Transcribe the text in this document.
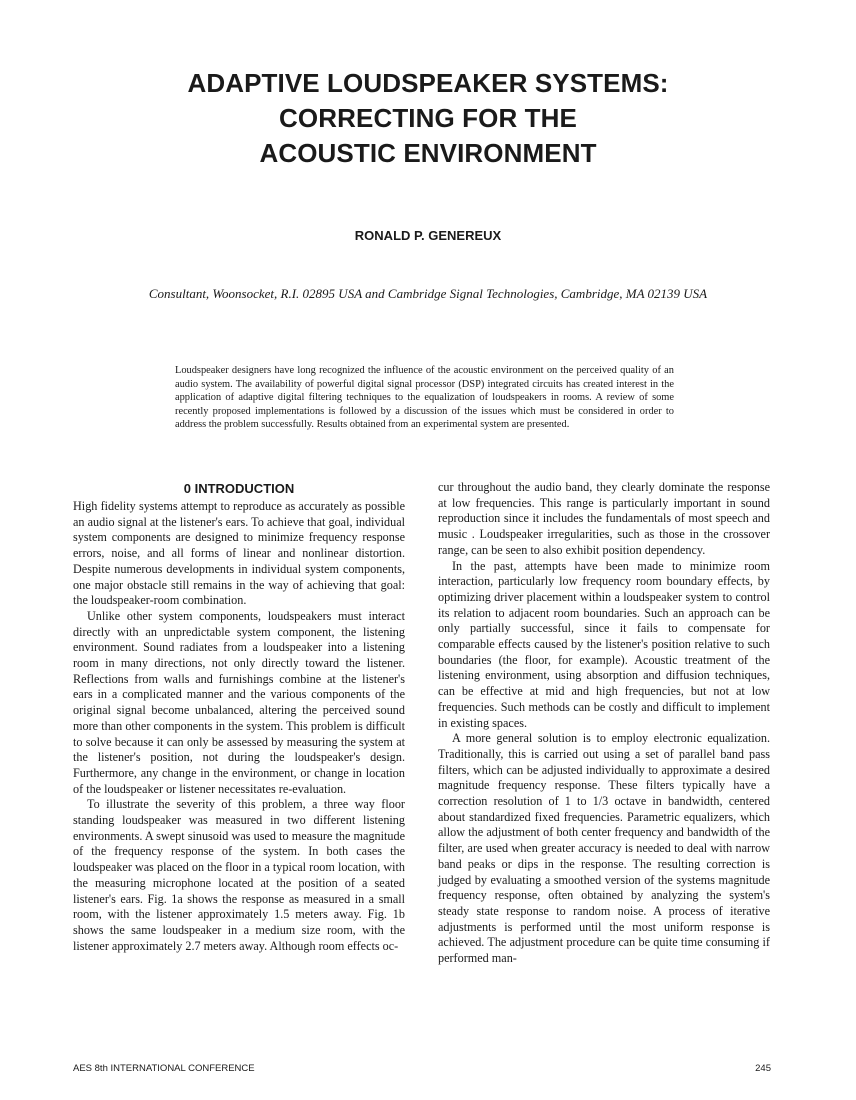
ADAPTIVE LOUDSPEAKER SYSTEMS:
CORRECTING FOR THE
ACOUSTIC ENVIRONMENT
RONALD P. GENEREUX
Consultant, Woonsocket, R.I. 02895 USA and Cambridge Signal Technologies, Cambridge, MA 02139 USA
Loudspeaker designers have long recognized the influence of the acoustic environment on the perceived quality of an audio system. The availability of powerful digital signal processor (DSP) integrated circuits has created interest in the application of adaptive digital filtering techniques to the equalization of loudspeakers in rooms. A review of some recently proposed implementations is followed by a discussion of the issues which must be considered in order to address the problem successfully. Results obtained from an experimental system are presented.
0 INTRODUCTION

High fidelity systems attempt to reproduce as accurately as possible an audio signal at the listener's ears. To achieve that goal, individual system components are designed to minimize frequency response errors, noise, and all forms of linear and nonlinear distortion. Despite numerous developments in individual system components, one major obstacle still remains in the way of achieving that goal: the loudspeaker-room combination.

Unlike other system components, loudspeakers must interact directly with an unpredictable system component, the listening environment. Sound radiates from a loudspeaker into a listening room in many directions, not only directly toward the listener. Reflections from walls and furnishings combine at the listener's ears in a complicated manner and the various components of the original signal become unbalanced, altering the perceived sound more than other components in the system. This problem is difficult to solve because it can only be assessed by measuring the system at the listener's position, not during the loudspeaker's design. Furthermore, any change in the environment, or change in location of the loudspeaker or listener necessitates re-evaluation.

To illustrate the severity of this problem, a three way floor standing loudspeaker was measured in two different listening environments. A swept sinusoid was used to measure the magnitude of the frequency response of the system. In both cases the loudspeaker was placed on the floor in a typical room location, with the measuring microphone located at the position of a seated listener's ears. Fig. 1a shows the response as measured in a small room, with the listener approximately 1.5 meters away. Fig. 1b shows the same loudspeaker in a medium size room, with the listener approximately 2.7 meters away. Although room effects oc-

cur throughout the audio band, they clearly dominate the response at low frequencies. This range is particularly important in sound reproduction since it includes the fundamentals of most speech and music . Loudspeaker irregularities, such as those in the crossover range, can be seen to also exhibit position dependency.

In the past, attempts have been made to minimize room interaction, particularly low frequency room boundary effects, by optimizing driver placement within a loudspeaker system to control its relation to adjacent room boundaries. Such an approach can be only partially successful, since it fails to compensate for comparable effects caused by the listener's position relative to such boundaries (the floor, for example). Acoustic treatment of the listening environment, using absorption and diffusion techniques, can be effective at mid and high frequencies, but not at low frequencies. Such methods can be costly and difficult to implement in existing spaces.

A more general solution is to employ electronic equalization. Traditionally, this is carried out using a set of parallel band pass filters, which can be adjusted individually to approximate a desired magnitude frequency response. These filters typically have a correction resolution of 1 to 1/3 octave in bandwidth, centered about standardized fixed frequencies. Parametric equalizers, which allow the adjustment of both center frequency and bandwidth of the filter, are used when greater accuracy is needed to deal with narrow band peaks or dips in the response. The resulting correction is judged by evaluating a smoothed version of the systems magnitude frequency response, often obtained by analyzing the system's steady state response to random noise. A process of iterative adjustments is performed until the most uniform response is achieved. The adjustment procedure can be quite time consuming if performed man-

AES 8th INTERNATIONAL CONFERENCE	245
